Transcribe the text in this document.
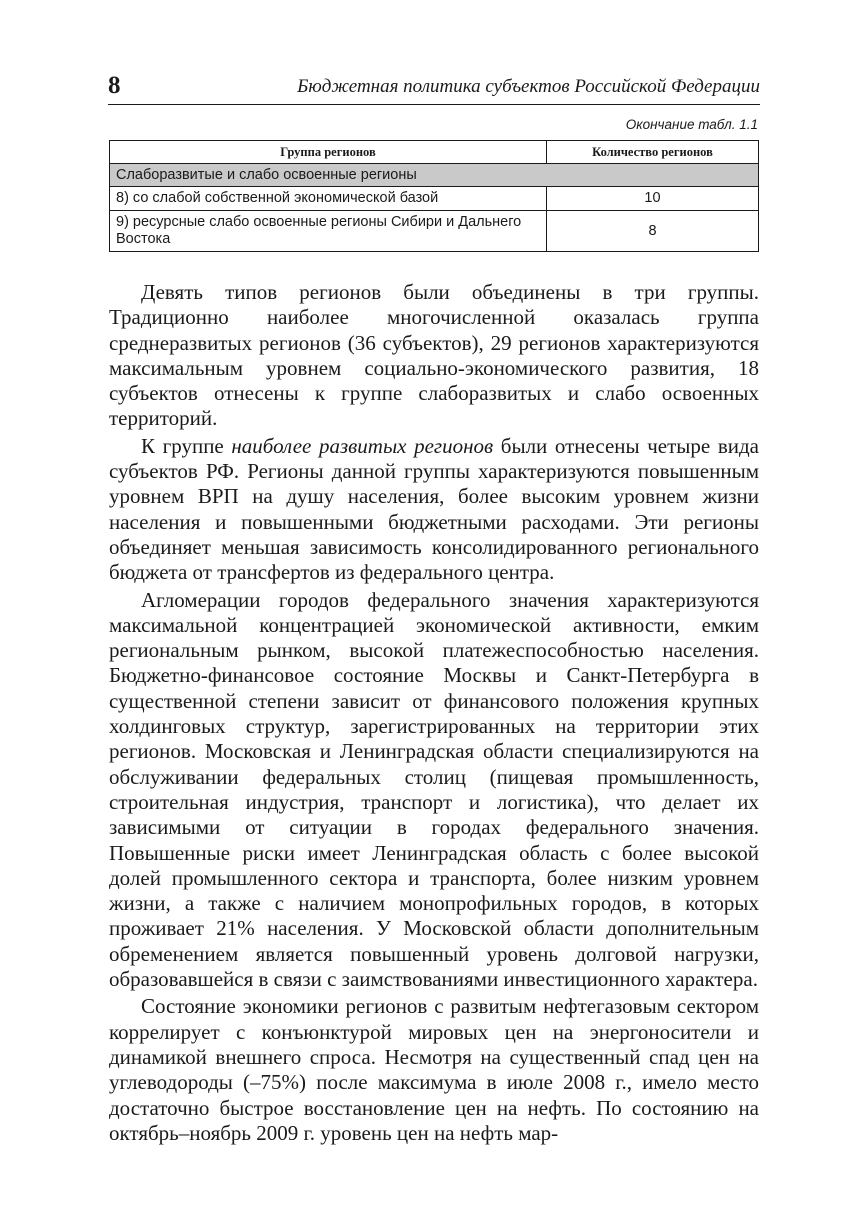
8	Бюджетная политика субъектов Российской Федерации
Окончание табл. 1.1
Группа регионов	Количество регионов
Слаборазвитые и слабо освоенные регионы	
8) со слабой собственной экономической базой	10
9) ресурсные слабо освоенные регионы Сибири и Дальнего Востока	8

Девять типов регионов были объединены в три группы. Традиционно наиболее многочисленной оказалась группа среднеразвитых регионов (36 субъектов), 29 регионов характеризуются максимальным уровнем социально-экономического развития, 18 субъектов отнесены к группе слаборазвитых и слабо освоенных территорий.

К группе наиболее развитых регионов были отнесены четыре вида субъектов РФ. Регионы данной группы характеризуются повышенным уровнем ВРП на душу населения, более высоким уровнем жизни населения и повышенными бюджетными расходами. Эти регионы объединяет меньшая зависимость консолидированного регионального бюджета от трансфертов из федерального центра.

Агломерации городов федерального значения характеризуются максимальной концентрацией экономической активности, емким региональным рынком, высокой платежеспособностью населения. Бюджетно-финансовое состояние Москвы и Санкт-Петербурга в существенной степени зависит от финансового положения крупных холдинговых структур, зарегистрированных на территории этих регионов. Московская и Ленинградская области специализируются на обслуживании федеральных столиц (пищевая промышленность, строительная индустрия, транспорт и логистика), что делает их зависимыми от ситуации в городах федерального значения. Повышенные риски имеет Ленинградская область с более высокой долей промышленного сектора и транспорта, более низким уровнем жизни, а также с наличием монопрофильных городов, в которых проживает 21% населения. У Московской области дополнительным обременением является повышенный уровень долговой нагрузки, образовавшейся в связи с заимствованиями инвестиционного характера.

Состояние экономики регионов с развитым нефтегазовым сектором коррелирует с конъюнктурой мировых цен на энергоносители и динамикой внешнего спроса. Несмотря на существенный спад цен на углеводороды (–75%) после максимума в июле 2008 г., имело место достаточно быстрое восстановление цен на нефть. По состоянию на октябрь–ноябрь 2009 г. уровень цен на нефть мар-
